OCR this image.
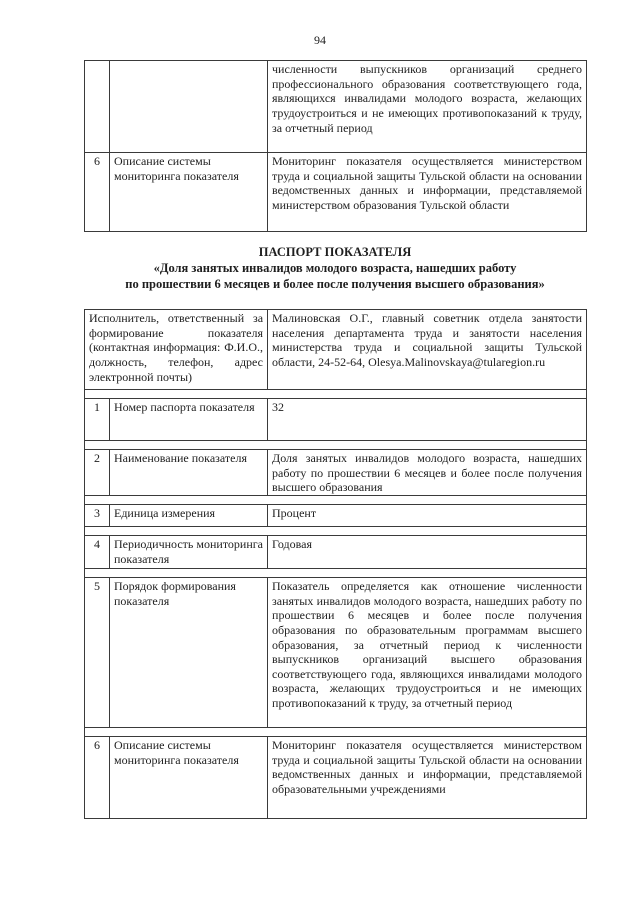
94
		численности выпускников организаций среднего профессионального образования соответствующего года, являющихся инвалидами молодого возраста, желающих трудоустроиться и не имеющих противопоказаний к труду, за отчетный период
6	Описание системы мониторинга показателя	Мониторинг показателя осуществляется министерством труда и социальной защиты Тульской области на основании ведомственных данных и информации, представляемой министерством образования Тульской области
ПАСПОРТ ПОКАЗАТЕЛЯ
«Доля занятых инвалидов молодого возраста, нашедших работу
по прошествии 6 месяцев и более после получения высшего образования»
Исполнитель, ответственный за формирование показателя (контактная информация: Ф.И.О., должность, телефон, адрес электронной почты)		Малиновская О.Г., главный советник отдела занятости населения департамента труда и занятости населения министерства труда и социальной защиты Тульской области, 24-52-64, Olesya.Malinovskaya@tularegion.ru

1	Номер паспорта показателя	32

2	Наименование показателя	Доля занятых инвалидов молодого возраста, нашедших работу по прошествии 6 месяцев и более после получения высшего образования

3	Единица измерения	Процент

4	Периодичность мониторинга показателя	Годовая

5	Порядок формирования показателя	Показатель определяется как отношение численности занятых инвалидов молодого возраста, нашедших работу по прошествии 6 месяцев и более после получения образования по образовательным программам высшего образования, за отчетный период к численности выпускников организаций высшего образования соответствующего года, являющихся инвалидами молодого возраста, желающих трудоустроиться и не имеющих противопоказаний к труду, за отчетный период

6	Описание системы мониторинга показателя	Мониторинг показателя осуществляется министерством труда и социальной защиты Тульской области на основании ведомственных данных и информации, представляемой образовательными учреждениями
